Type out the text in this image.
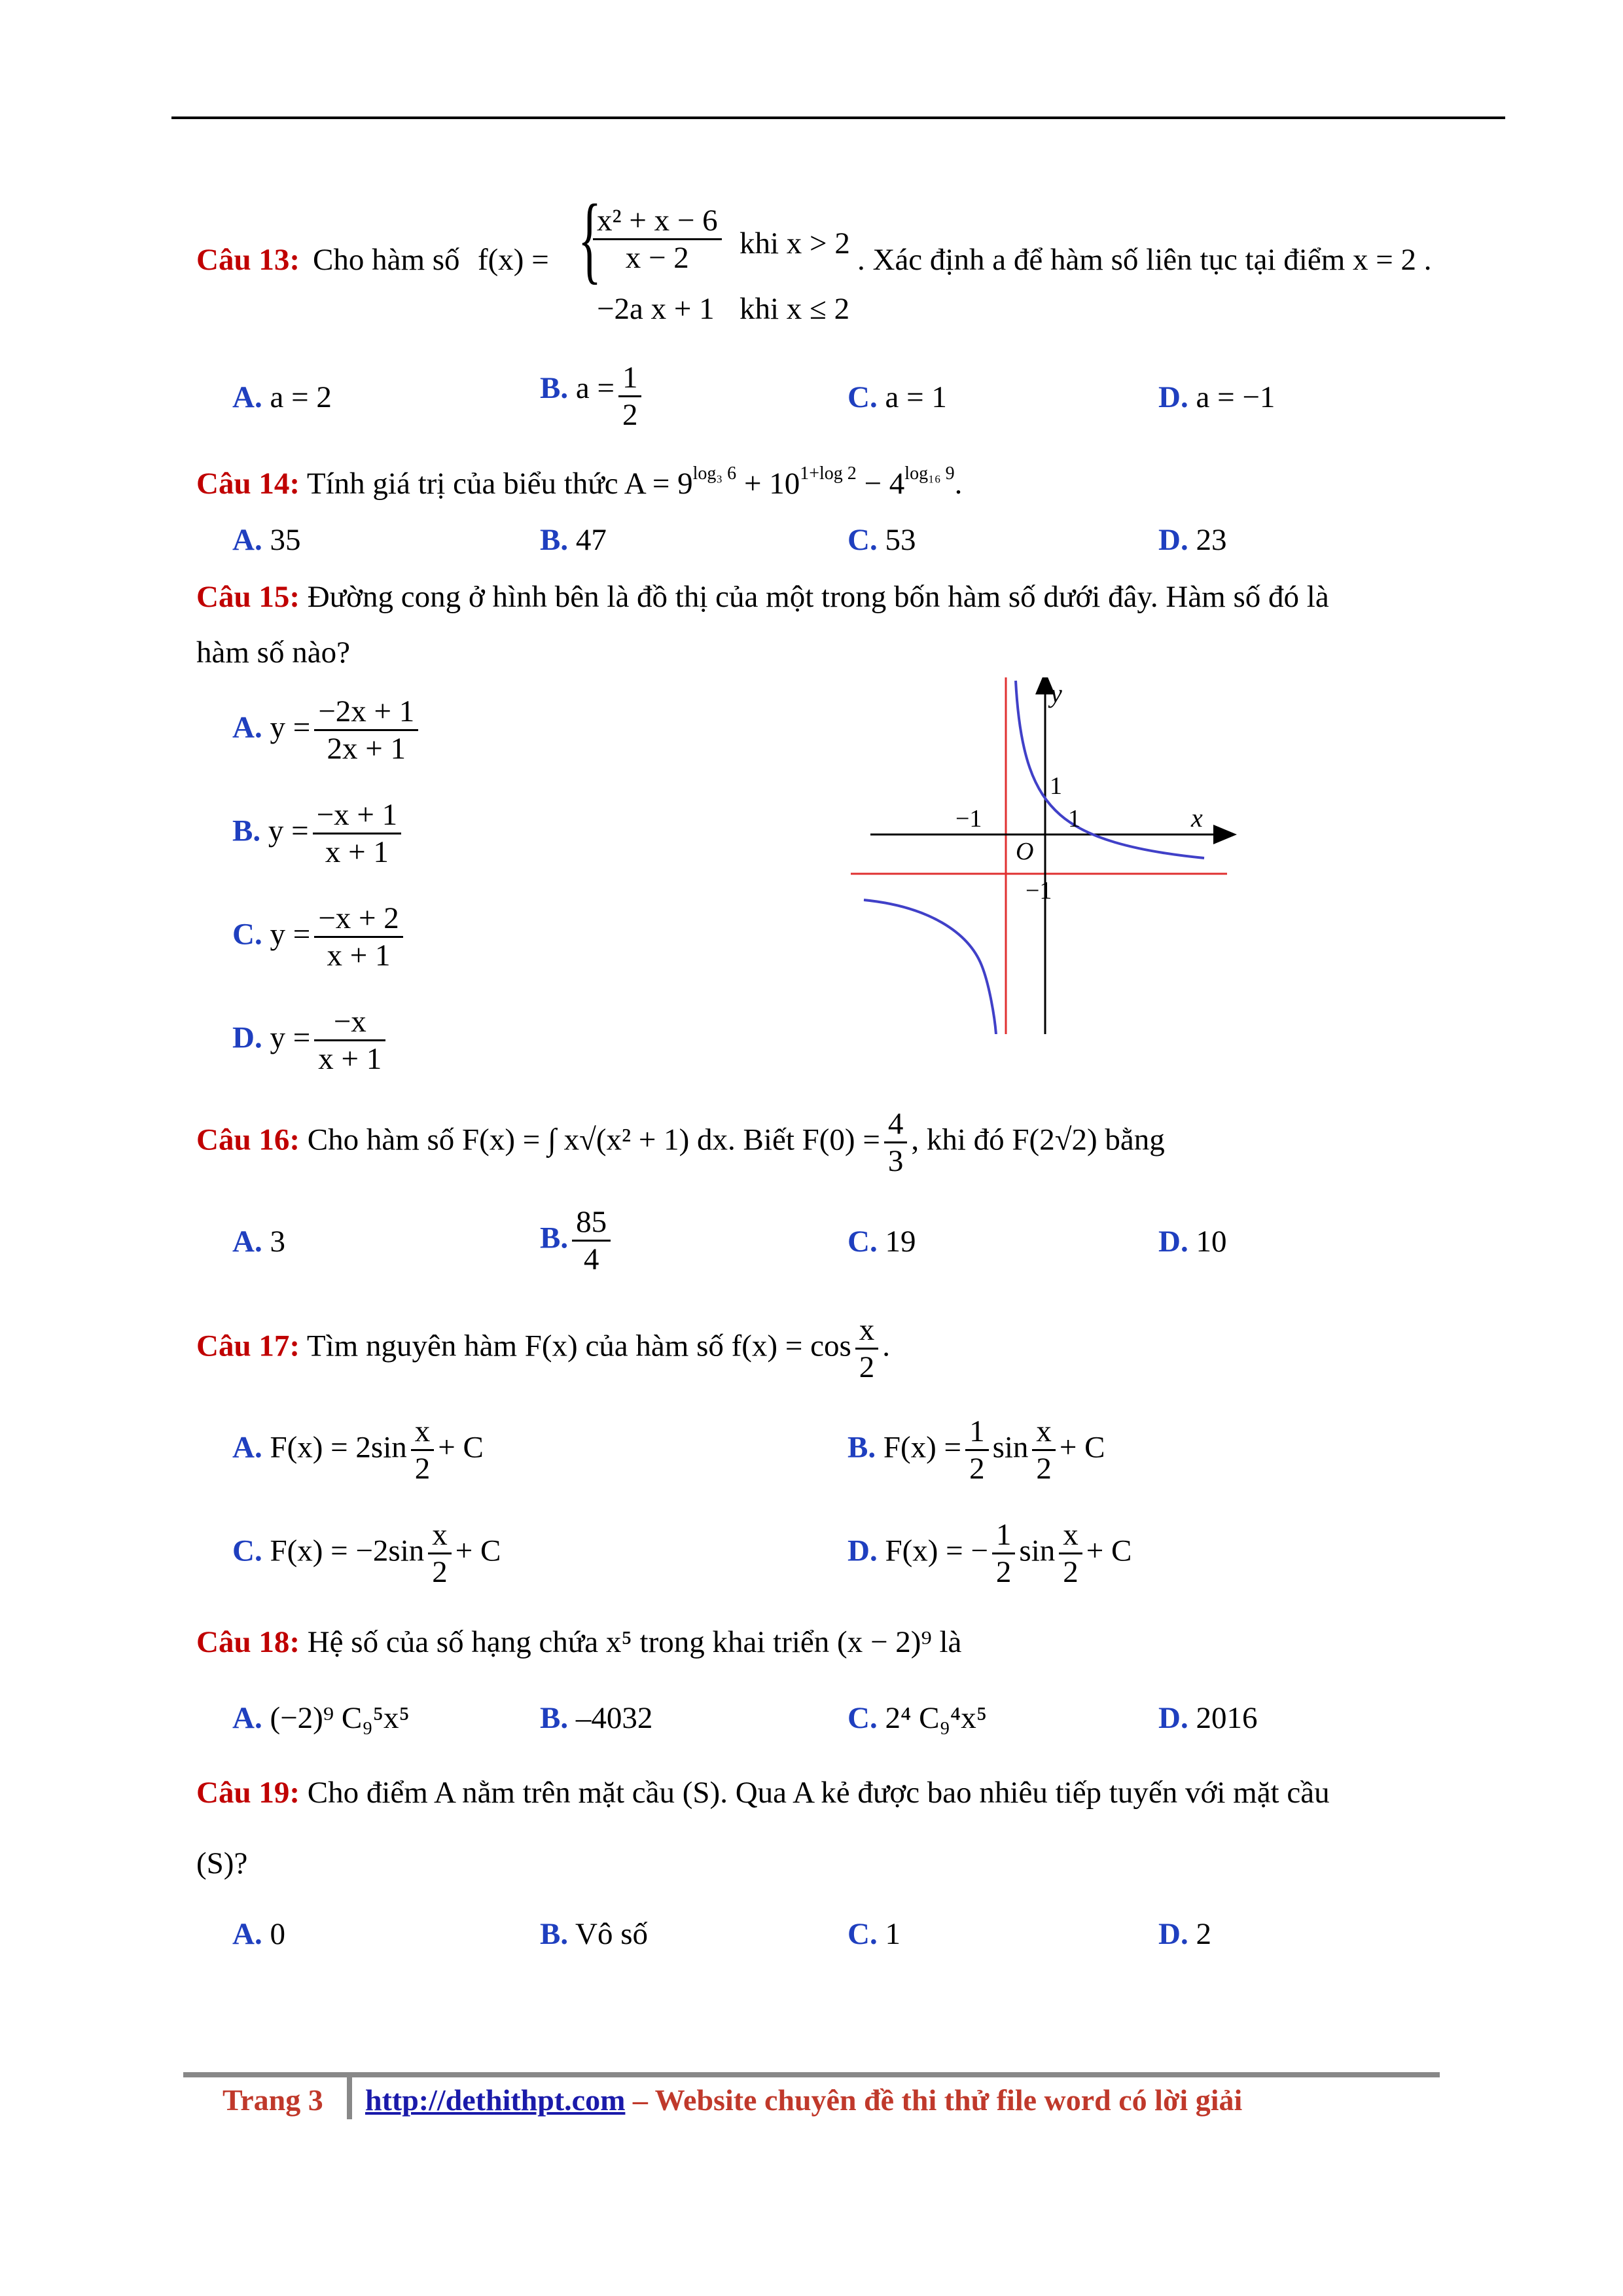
Câu 13: Cho hàm số f(x) = {
$\frac{\text{x² + x − 6}}{x - 2}$ khi x > 2
−2a x + 1 khi x ≤ 2
. Xác định a để hàm số liên tục tại điểm x = 2 .
A. a = 2	B. $a = \frac{1}{2}$	C. a = 1	D. a = −1
Câu 14: Tính giá trị của biểu thức $A = 9^{log_3 6} + 10^{1+log 2} - 4^{log_{16} 9}$.
A. 35	B. 47	C. 53	D. 23
Câu 15: Đường cong ở hình bên là đồ thị của một trong bốn hàm số dưới đây. Hàm số đó là
hàm số nào?
A. $y = \frac{-2x + 1}{2x + 1}$
B. $y = \frac{-x + 1}{x + 1}$
C. $y = \frac{-x + 2}{x + 1}$
D. $y = \frac{-x}{x + 1}$
y
x
O
−1	1
1
−1
Câu 16: Cho hàm số F(x) = ∫ x√(x² + 1) dx. Biết $F(0) = \frac{4}{3}$ , khi đó F(2√2) bằng
A. 3	B. $\frac{85}{4}$	C. 19	D. 10
Câu 17: Tìm nguyên hàm F(x) của hàm số $f(x) = \cos \frac{x}{2}$ .
A. $F(x) = 2\sin \frac{x}{2} + C$	B. $F(x) = \frac{1}{2}$ $\sin \frac{x}{2} + C$
C. $F(x) = -2\sin \frac{x}{2} + C$	D. F(x) = − $\frac{1}{2}$ $\sin \frac{x}{2} + C$
Câu 18: Hệ số của số hạng chứa x⁵ trong khai triển (x − 2)⁹ là
A. (−2)⁹ C₉⁵x⁵	B. –4032	C. 2⁴ C₉⁴x⁵	D. 2016
Câu 19: Cho điểm A nằm trên mặt cầu (S). Qua A kẻ được bao nhiêu tiếp tuyến với mặt cầu
(S)?
A. 0	B. Vô số	C. 1	D. 2
Trang 3 http://dethithpt.com – Website chuyên đề thi thử file word có lời giải
